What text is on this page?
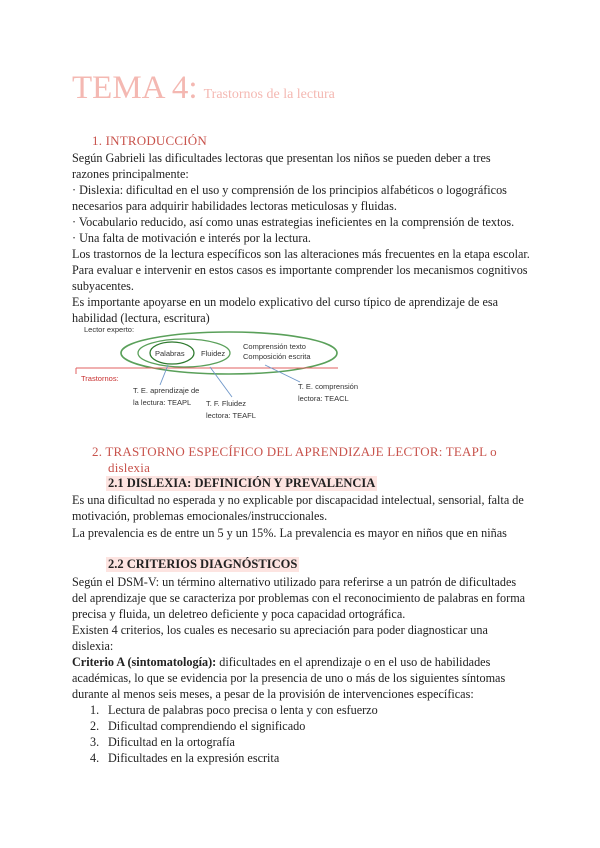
TEMA 4: Trastornos de la lectura
1. INTRODUCCIÓN
Según Gabrieli las dificultades lectoras que presentan los niños se pueden deber a tres
razones principalmente:
· Dislexia: dificultad en el uso y comprensión de los principios alfabéticos o logográficos
necesarios para adquirir habilidades lectoras meticulosas y fluidas.
· Vocabulario reducido, así como unas estrategias ineficientes en la comprensión de textos.
· Una falta de motivación e interés por la lectura.
Los trastornos de la lectura específicos son las alteraciones más frecuentes en la etapa escolar.
Para evaluar e intervenir en estos casos es importante comprender los mecanismos cognitivos
subyacentes.
Es importante apoyarse en un modelo explicativo del curso típico de aprendizaje de esa
habilidad (lectura, escritura)
Lector experto:
Palabras Fluidez
Comprensión texto
Composición escrita
Trastornos:
T. E. aprendizaje de
la lectura: TEAPL T. F. Fluidez
lectora: TEAFL
T. E. comprensión
lectora: TEACL
2. TRASTORNO ESPECÍFICO DEL APRENDIZAJE LECTOR: TEAPL o
dislexia
2.1 DISLEXIA: DEFINICIÓN Y PREVALENCIA
Es una dificultad no esperada y no explicable por discapacidad intelectual, sensorial, falta de
motivación, problemas emocionales/instruccionales.
La prevalencia es de entre un 5 y un 15%. La prevalencia es mayor en niños que en niñas
2.2 CRITERIOS DIAGNÓSTICOS
Según el DSM-V: un término alternativo utilizado para referirse a un patrón de dificultades
del aprendizaje que se caracteriza por problemas con el reconocimiento de palabras en forma
precisa y fluida, un deletreo deficiente y poca capacidad ortográfica.
Existen 4 criterios, los cuales es necesario su apreciación para poder diagnosticar una
dislexia:
Criterio A (sintomatología): dificultades en el aprendizaje o en el uso de habilidades
académicas, lo que se evidencia por la presencia de uno o más de los siguientes síntomas
durante al menos seis meses, a pesar de la provisión de intervenciones específicas:
1. Lectura de palabras poco precisa o lenta y con esfuerzo
2. Dificultad comprendiendo el significado
3. Dificultad en la ortografía
4. Dificultades en la expresión escrita
